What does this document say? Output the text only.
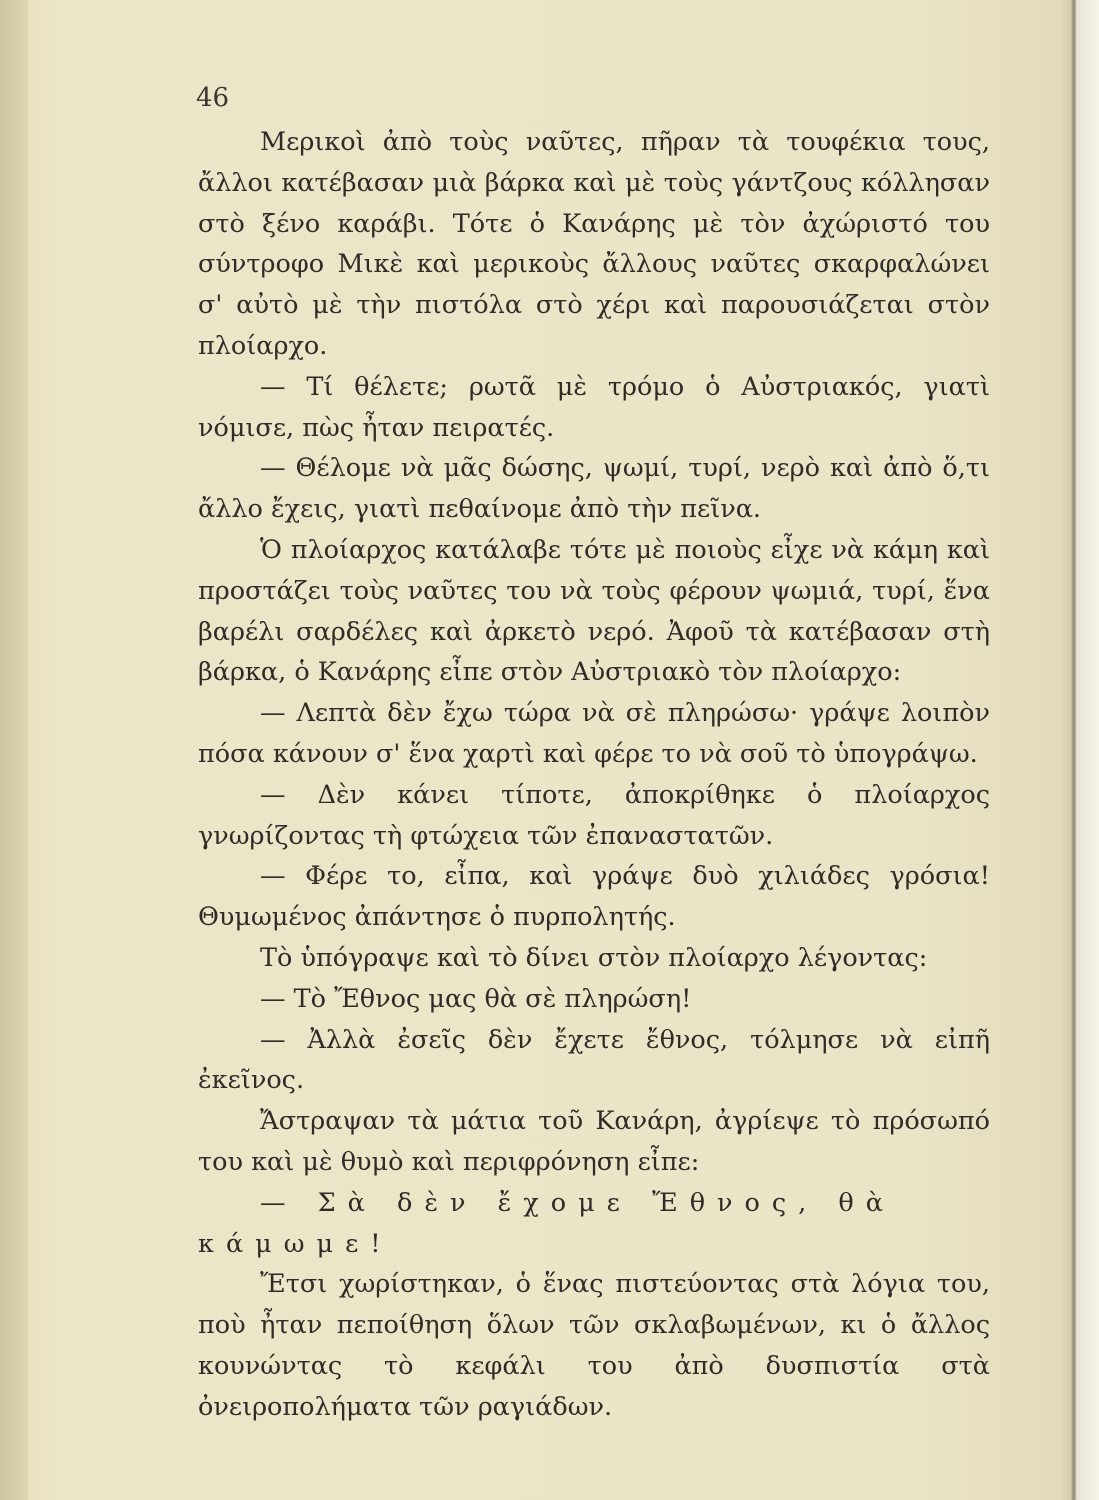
46

Μερικοὶ ἀπὸ τοὺς ναῦτες, πῆραν τὰ τουφέκια τους, ἄλλοι κατέβασαν μιὰ βάρκα καὶ μὲ τοὺς γάντζους κόλλησαν στὸ ξένο καράβι. Τότε ὁ Κανάρης μὲ τὸν ἀχώριστό του σύντροφο Μικὲ καὶ μερικοὺς ἄλλους ναῦτες σκαρφαλώνει σ' αὐτὸ μὲ τὴν πιστόλα στὸ χέρι καὶ παρουσιάζεται στὸν πλοίαρχο.

— Τί θέλετε; ρωτᾶ μὲ τρόμο ὁ Αὐστριακός, γιατὶ νόμισε, πὼς ἦταν πειρατές.

— Θέλομε νὰ μᾶς δώσης, ψωμί, τυρί, νερὸ καὶ ἀπὸ ὅ,τι ἄλλο ἔχεις, γιατὶ πεθαίνομε ἀπὸ τὴν πεῖνα.

Ὁ πλοίαρχος κατάλαβε τότε μὲ ποιοὺς εἶχε νὰ κάμη καὶ προστάζει τοὺς ναῦτες του νὰ τοὺς φέρουν ψωμιά, τυρί, ἕνα βαρέλι σαρδέλες καὶ ἀρκετὸ νερό. Ἀφοῦ τὰ κατέβασαν στὴ βάρκα, ὁ Κανάρης εἶπε στὸν Αὐστριακὸ τὸν πλοίαρχο:

— Λεπτὰ δὲν ἔχω τώρα νὰ σὲ πληρώσω· γράψε λοιπὸν πόσα κάνουν σ' ἕνα χαρτὶ καὶ φέρε το νὰ σοῦ τὸ ὑπογράψω.

— Δὲν κάνει τίποτε, ἀποκρίθηκε ὁ πλοίαρχος γνωρίζοντας τὴ φτώχεια τῶν ἐπαναστατῶν.

— Φέρε το, εἶπα, καὶ γράψε δυὸ χιλιάδες γρόσια! Θυμωμένος ἀπάντησε ὁ πυρπολητής.

Τὸ ὑπόγραψε καὶ τὸ δίνει στὸν πλοίαρχο λέγοντας:

— Τὸ Ἔθνος μας θὰ σὲ πληρώση!

— Ἀλλὰ ἐσεῖς δὲν ἔχετε ἔθνος, τόλμησε νὰ εἰπῆ ἐκεῖνος.

Ἄστραψαν τὰ μάτια τοῦ Κανάρη, ἀγρίεψε τὸ πρόσωπό του καὶ μὲ θυμὸ καὶ περιφρόνηση εἶπε:

— Σὰ δὲν ἔχομε Ἔθνος, θὰ κάμωμε!

Ἔτσι χωρίστηκαν, ὁ ἕνας πιστεύοντας στὰ λόγια του, ποὺ ἦταν πεποίθηση ὅλων τῶν σκλαβωμένων, κι ὁ ἄλλος κουνώντας τὸ κεφάλι του ἀπὸ δυσπιστία στὰ ὀνειροπολήματα τῶν ραγιάδων.
